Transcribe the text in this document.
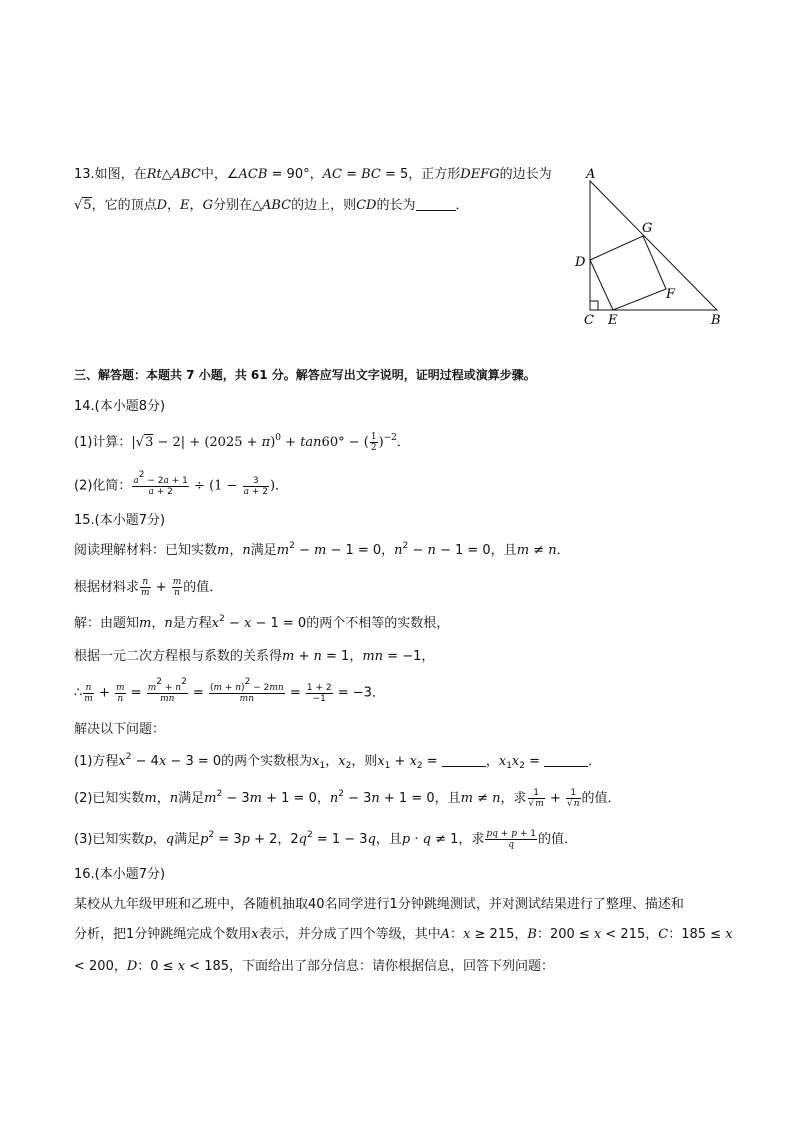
13.如图，在Rt△ABC中，∠ACB = 90°，AC = BC = 5，正方形DEFG的边长为
√5，它的顶点D，E，G分别在△ABC的边上，则CD的长为	．
A
B
C
D
E
F
G
三、解答题：本题共 7 小题，共 61 分。解答应写出文字说明，证明过程或演算步骤。
14.(本小题8分)
(1)计算：$|√3 - 2| + (2025 + \pi)^0 + \tan 60^\circ$ − ( $\frac{1}{2} )^{-2}$．
(2)化简： $\frac{a^2 - 2a + 1}{a + 2} \div (1 - \frac{3}{a + 2}$ )．
15.(本小题7分)
阅读理解材料：已知实数m，n满足$m^2 - m - 1 = 0$，$n^2 - n - 1 = 0$，且m ≠ n．
根据材料求 $\frac{n}{m} + \frac{m}{n}$ 的值．
解：由题知m，n是方程$x^2 - x - 1 = 0$的两个不相等的实数根，
根据一元二次方程根与系数的关系得m + n = 1，mn = −1，
∴ $\frac{n}{m} + \frac{m}{n} = \frac{m^2 + n^2}{mn} = \frac{(m + n)^2 - 2mn}{mn} = \frac{1 + 2}{-1} = -3$．
解决以下问题：
(1)方程$x^2 - 4x - 3 = 0$的两个实数根为$x_1$，$x_2$，则$x_1 + x_2$ =	，$x_1x_2$ =	．
(2)已知实数m，n满足$m^2 - 3m + 1 = 0$，$n^2 - 3n + 1 = 0$，且m ≠ n，求 $\frac{1}{√m} + \frac{1}{√n}$ 的值．
(3)已知实数p，q满足$p^2 = 3p + 2$，$2q^2 = 1 - 3q$，且p · q ≠ 1，求 $\frac{pq + p + 1}{q}$ 的值．
16.(本小题7分)
某校从九年级甲班和乙班中，各随机抽取40名同学进行1分钟跳绳测试，并对测试结果进行了整理、描述和
分析，把1分钟跳绳完成个数用x表示，并分成了四个等级，其中A：x ≥ 215，B：200 ≤ x < 215，C：185 ≤ x
< 200，D：0 ≤ x < 185，下面给出了部分信息：请你根据信息，回答下列问题：
